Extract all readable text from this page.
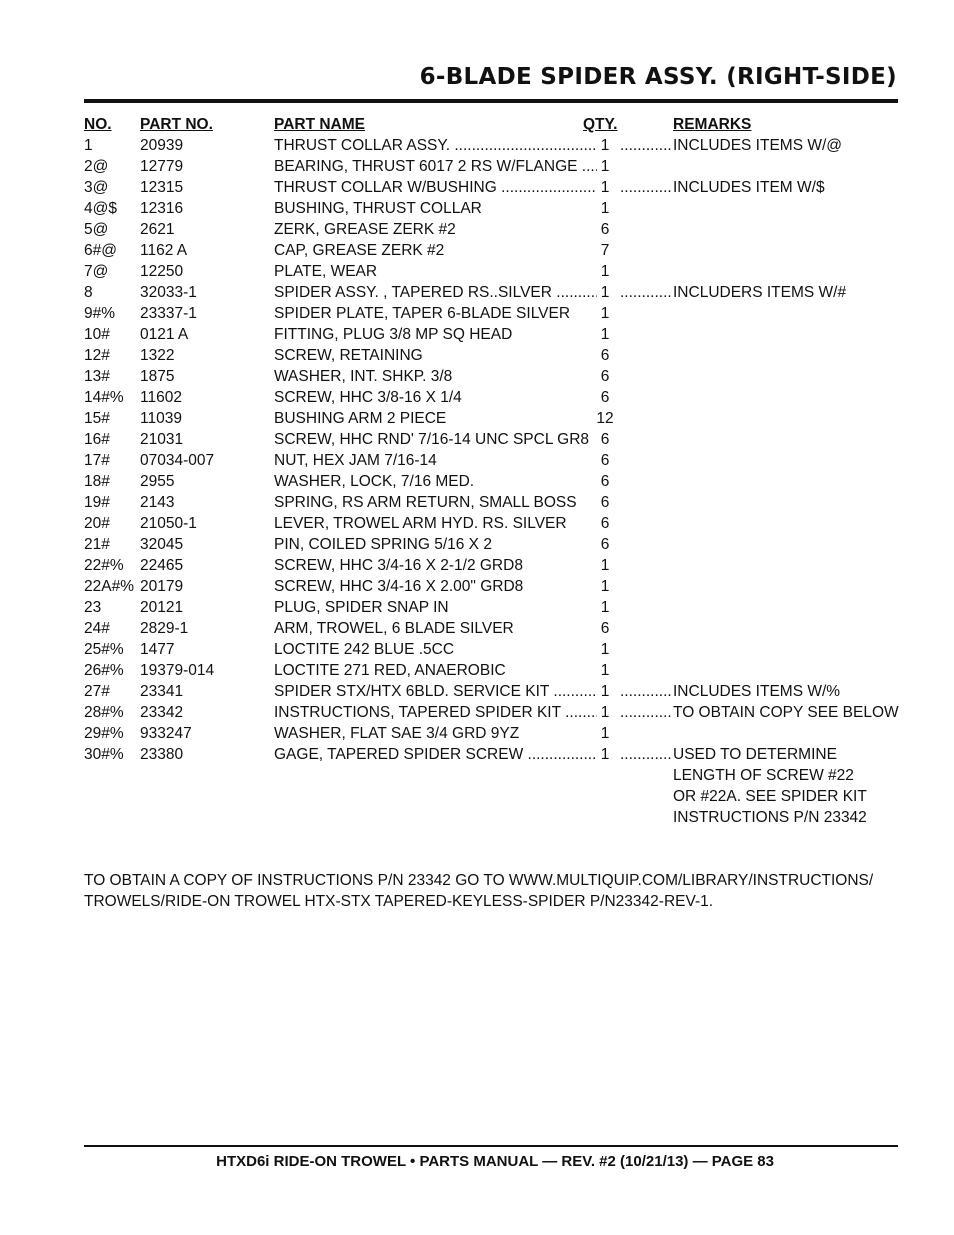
6-BLADE SPIDER ASSY. (RIGHT-SIDE)
NO. PART NO.	PART NAME	QTY.	REMARKS
1	20939	THRUST COLLAR ASSY. .....	1	INCLUDES ITEMS W/@
.....
2@ 12779	BEARING, THRUST 6017 2 RS W/FLANGE .....	1
3@ 12315	THRUST COLLAR W/BUSHING .....	1	INCLUDES ITEM W/$
.....
4@$ 12316	BUSHING, THRUST COLLAR	1
5@ 2621	ZERK, GREASE ZERK #2	6
6#@ 1162 A	CAP, GREASE ZERK #2	7
7@ 12250	PLATE, WEAR	1
8	32033-1	SPIDER ASSY. , TAPERED RS..SILVER .....	1	INCLUDERS ITEMS W/#
.....
9#% 23337-1	SPIDER PLATE, TAPER 6-BLADE SILVER	1
10# 0121 A	FITTING, PLUG 3/8 MP SQ HEAD	1
12# 1322	SCREW, RETAINING	6
13# 1875	WASHER, INT. SHKP. 3/8	6
14#% 11602	SCREW, HHC 3/8-16 X 1/4	6
15# 11039	BUSHING ARM 2 PIECE	12
16# 21031	SCREW, HHC RND' 7/16-14 UNC SPCL GR8 6
17# 07034-007	NUT, HEX JAM 7/16-14	6
18# 2955	WASHER, LOCK, 7/16 MED.	6
19# 2143	SPRING, RS ARM RETURN, SMALL BOSS	6
20# 21050-1	LEVER, TROWEL ARM HYD. RS. SILVER	6
21# 32045	PIN, COILED SPRING 5/16 X 2	6
22#% 22465	SCREW, HHC 3/4-16 X 2-1/2 GRD8	1
22A#% 20179	SCREW, HHC 3/4-16 X 2.00" GRD8	1
23	20121	PLUG, SPIDER SNAP IN	1
24# 2829-1	ARM, TROWEL, 6 BLADE SILVER	6
25#% 1477	LOCTITE 242 BLUE .5CC	1
26#% 19379-014	LOCTITE 271 RED, ANAEROBIC	1
27# 23341	SPIDER STX/HTX 6BLD. SERVICE KIT .....	1	INCLUDES ITEMS W/%
.....
28#% 23342	INSTRUCTIONS, TAPERED SPIDER KIT .....	1	TO OBTAIN COPY SEE BELOW
.....
29#% 933247	WASHER, FLAT SAE 3/4 GRD 9YZ	1
30#% 23380	GAGE, TAPERED SPIDER SCREW .....	1	USED TO DETERMINE
.....
LENGTH OF SCREW #22
OR #22A. SEE SPIDER KIT
INSTRUCTIONS P/N 23342
TO OBTAIN A COPY OF INSTRUCTIONS P/N 23342 GO TO WWW.MULTIQUIP.COM/LIBRARY/INSTRUCTIONS/
TROWELS/RIDE-ON TROWEL HTX-STX TAPERED-KEYLESS-SPIDER P/N23342-REV-1.
HTXD6i RIDE-ON TROWEL • PARTS MANUAL — REV. #2 (10/21/13) — PAGE 83
